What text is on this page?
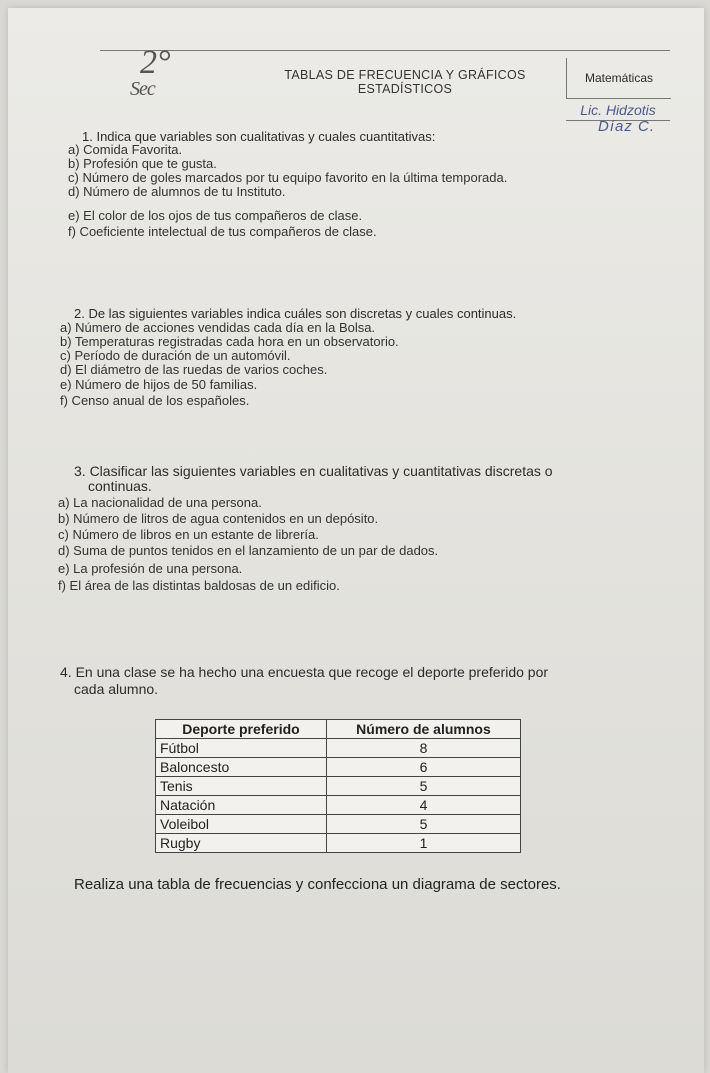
2°
Sec
TABLAS DE FRECUENCIA Y GRÁFICOS
ESTADÍSTICOS
Matemáticas
Lic. Hidzotis
Díaz C.
1. Indica que variables son cualitativas y cuales cuantitativas:
a) Comida Favorita.
b) Profesión que te gusta.
c) Número de goles marcados por tu equipo favorito en la última temporada.
d) Número de alumnos de tu Instituto.
e) El color de los ojos de tus compañeros de clase.
f) Coeficiente intelectual de tus compañeros de clase.
2. De las siguientes variables indica cuáles son discretas y cuales continuas.
a) Número de acciones vendidas cada día en la Bolsa.
b) Temperaturas registradas cada hora en un observatorio.
c) Período de duración de un automóvil.
d) El diámetro de las ruedas de varios coches.
e) Número de hijos de 50 familias.
f) Censo anual de los españoles.
3. Clasificar las siguientes variables en cualitativas y cuantitativas discretas o
continuas.
a) La nacionalidad de una persona.
b) Número de litros de agua contenidos en un depósito.
c) Número de libros en un estante de librería.
d) Suma de puntos tenidos en el lanzamiento de un par de dados.
e) La profesión de una persona.
f) El área de las distintas baldosas de un edificio.
4. En una clase se ha hecho una encuesta que recoge el deporte preferido por
cada alumno.
Deporte preferido	Número de alumnos
Fútbol	8
Baloncesto	6
Tenis	5
Natación	4
Voleibol	5
Rugby	1
Realiza una tabla de frecuencias y confecciona un diagrama de sectores.
